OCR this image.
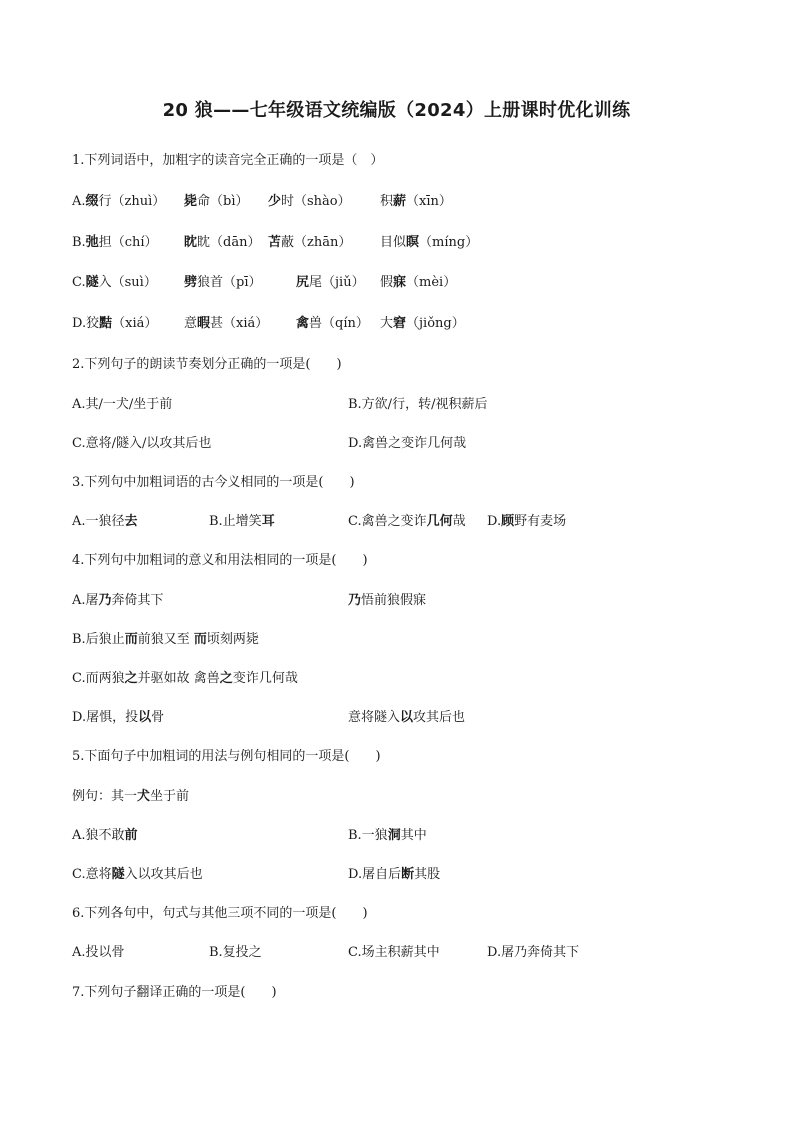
20 狼——七年级语文统编版（2024）上册课时优化训练
1.下列词语中，加粗字的读音完全正确的一项是（　）
A.缀行（zhuì） 毙命（bì） 少时（shào） 积薪（xīn）
B.弛担（chí） 眈眈（dān） 苫蔽（zhān） 目似瞑（míng）
C.隧入（suì） 劈狼首（pī）	尻尾（jiǔ） 假寐（mèi）
D.狡黠（xiá） 意暇甚（xiá） 禽兽（qín） 大窘（jiǒng）
2.下列句子的朗读节奏划分正确的一项是(　　)
A.其/一犬/坐于前	B.方欲/行，转/视积薪后
C.意将/隧入/以攻其后也	D.禽兽之变诈几何哉
3.下列句中加粗词语的古今义相同的一项是(　　)
A.一狼径去	B.止增笑耳	C.禽兽之变诈几何哉 D.顾野有麦场
4.下列句中加粗词的意义和用法相同的一项是(　　)
A.屠乃奔倚其下	乃悟前狼假寐
B.后狼止而前狼又至 而顷刻两毙
C.而两狼之并驱如故 禽兽之变诈几何哉
D.屠惧，投以骨	意将隧入以攻其后也
5.下面句子中加粗词的用法与例句相同的一项是(　　)
例句：其一犬坐于前
A.狼不敢前	B.一狼洞其中
C.意将隧入以攻其后也	D.屠自后断其股
6.下列各句中，句式与其他三项不同的一项是(　　)
A.投以骨	B.复投之	C.场主积薪其中	D.屠乃奔倚其下
7.下列句子翻译正确的一项是(　　)
